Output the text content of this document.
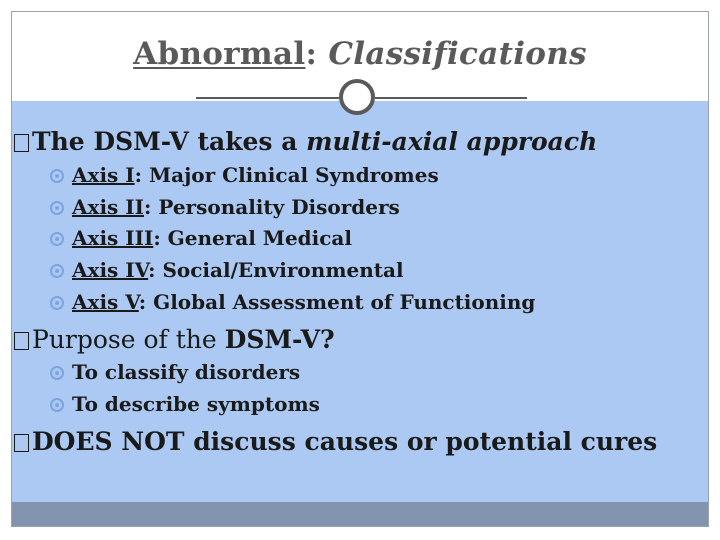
Abnormal: Classifications
The DSM-V takes a multi-axial approach
Axis I: Major Clinical Syndromes
Axis II: Personality Disorders
Axis III: General Medical
Axis IV: Social/Environmental
Axis V: Global Assessment of Functioning
Purpose of the DSM-V?
To classify disorders
To describe symptoms
DOES NOT discuss causes or potential cures
